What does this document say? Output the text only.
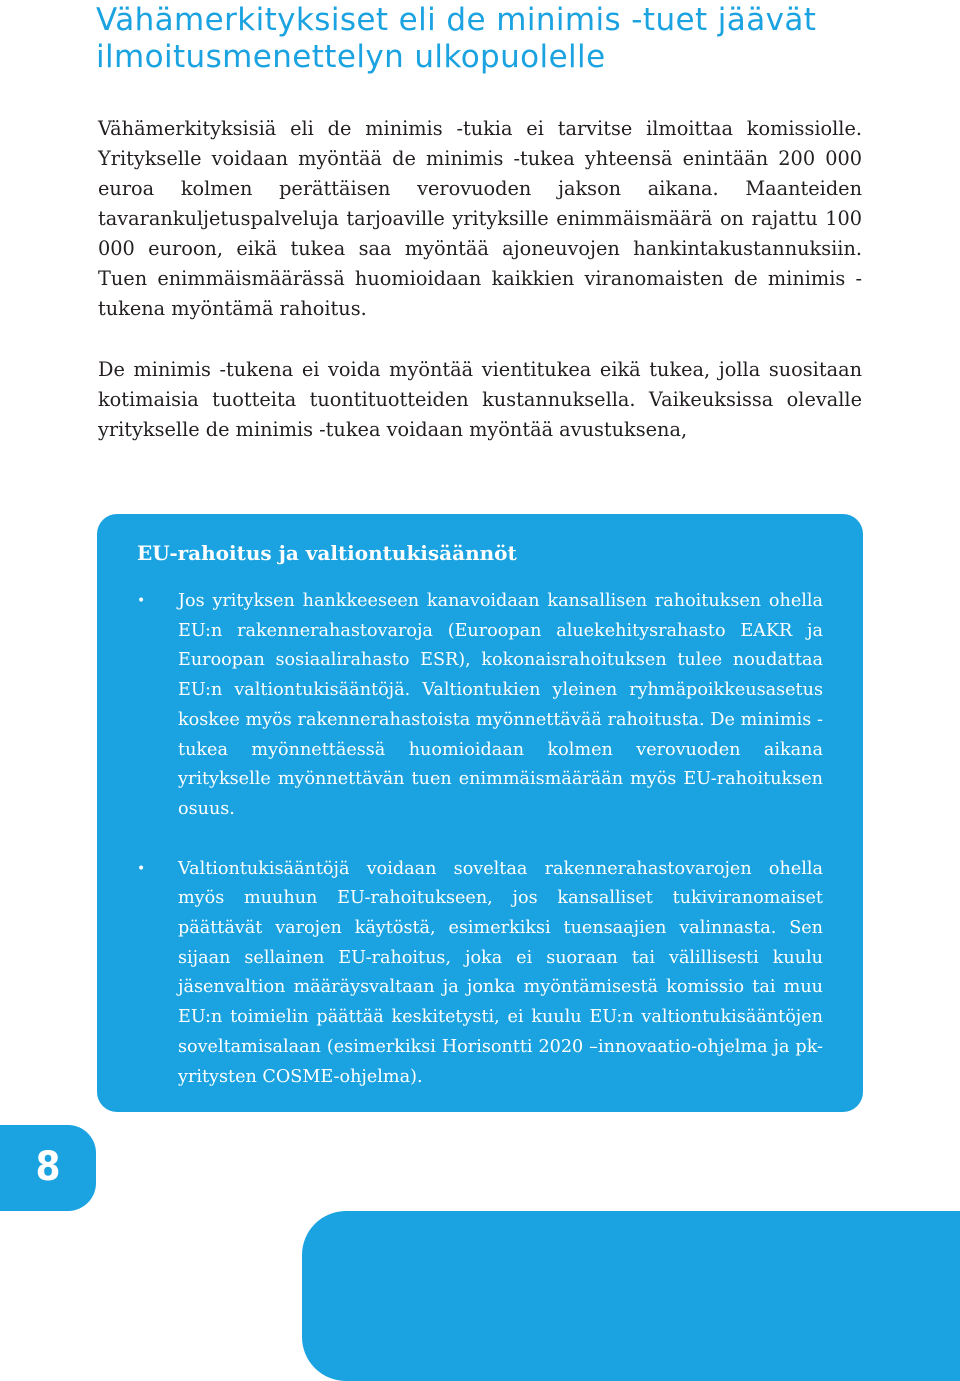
Vähämerkityksiset eli de minimis -tuet jäävät ilmoitusmenettelyn ulkopuolelle

Vähämerkityksisiä eli de minimis -tukia ei tarvitse ilmoittaa komissiolle. Yritykselle voidaan myöntää de minimis -tukea yhteensä enintään 200 000 euroa kolmen perättäisen verovuoden jakson aikana. Maanteiden tavarankuljetuspalveluja tarjoaville yrityksille enimmäismäärä on rajattu 100 000 euroon, eikä tukea saa myöntää ajoneuvojen hankintakustannuksiin. Tuen enimmäismäärässä huomioidaan kaikkien viranomaisten de minimis -tukena myöntämä rahoitus.

De minimis -tukena ei voida myöntää vientitukea eikä tukea, jolla suositaan kotimaisia tuotteita tuontituotteiden kustannuksella. Vaikeuksissa olevalle yritykselle de minimis -tukea voidaan myöntää avustuksena,

EU-rahoitus ja valtiontukisäännöt
• Jos yrityksen hankkeeseen kanavoidaan kansallisen rahoituksen ohella EU:n rakennerahastovaroja (Euroopan aluekehitysrahasto EAKR ja Euroopan sosiaalirahasto ESR), kokonaisrahoituksen tulee noudattaa EU:n valtiontukisääntöjä. Valtiontukien yleinen ryhmäpoikkeusasetus koskee myös rakennerahastoista myönnettävää rahoitusta. De minimis -tukea myönnettäessä huomioidaan kolmen verovuoden aikana yritykselle myönnettävän tuen enimmäismäärään myös EU-rahoituksen osuus.
• Valtiontukisääntöjä voidaan soveltaa rakennerahastovarojen ohella myös muuhun EU-rahoitukseen, jos kansalliset tukiviranomaiset päättävät varojen käytöstä, esimerkiksi tuensaajien valinnasta. Sen sijaan sellainen EU-rahoitus, joka ei suoraan tai välillisesti kuulu jäsenvaltion määräysvaltaan ja jonka myöntämisestä komissio tai muu EU:n toimielin päättää keskitetysti, ei kuulu EU:n valtiontukisääntöjen soveltamisalaan (esimerkiksi Horisontti 2020 –innovaatio-ohjelma ja pk-yritysten COSME-ohjelma).
8
